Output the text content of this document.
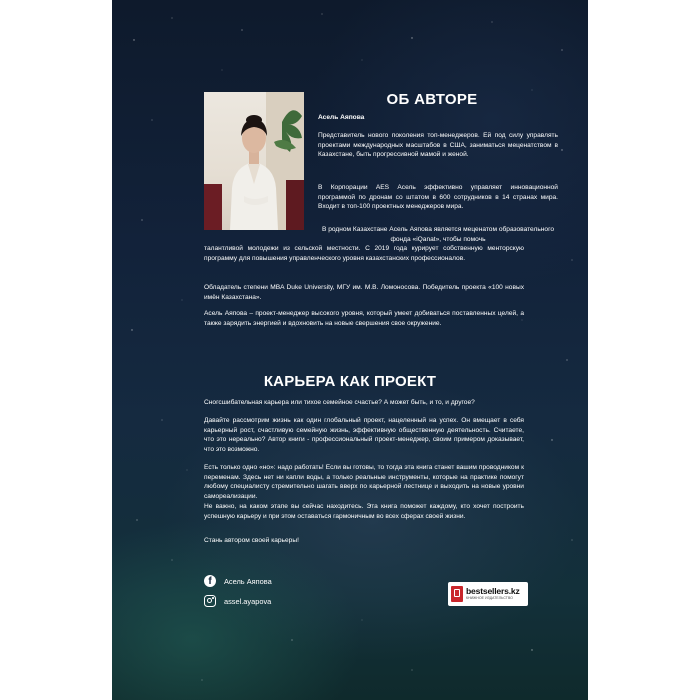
ОБ АВТОРЕ
Асель Аяпова
Представитель нового поколения топ-менеджеров. Ей под силу управлять проектами международных масштабов в США, заниматься меценатством в Казахстане, быть прогрессивной мамой и женой.
В Корпорации AES Асель эффективно управляет инновационной программой по дронам со штатом в 600 сотрудников в 14 странах мира. Входит в топ-100 проектных менеджеров мира.
В родном Казахстане Асель Аяпова является меценатом образовательного фонда «iQanat», чтобы помочь
талантливой молодежи из сельской местности. С 2019 года курирует собственную менторскую программу для повышения управленческого уровня казахстанских профессионалов.
Обладатель степени MBA Duke University, МГУ им. М.В. Ломоносова. Победитель проекта «100 новых имён Казахстана».
Асель Аяпова – проект-менеджер высокого уровня, который умеет добиваться поставленных целей, а также зарядить энергией и вдохновить на новые свершения свое окружение.
КАРЬЕРА КАК ПРОЕКТ
Сногсшибательная карьера или тихое семейное счастье? А может быть, и то, и другое?
Давайте рассмотрим жизнь как один глобальный проект, нацеленный на успех. Он вмещает в себя карьерный рост, счастливую семейную жизнь, эффективную общественную деятельность. Считаете, что это нереально? Автор книги - профессиональный проект-менеджер, своим примером доказывает, что это возможно.
Есть только одно «но»: надо работать! Если вы готовы, то тогда эта книга станет вашим проводником к переменам. Здесь нет ни капли воды, а только реальные инструменты, которые на практике помогут любому специалисту стремительно шагать вверх по карьерной лестнице и выходить на новые уровни самореализации.
Не важно, на каком этапе вы сейчас находитесь. Эта книга поможет каждому, кто хочет построить успешную карьеру и при этом оставаться гармоничным во всех сферах своей жизни.
Стань автором своей карьеры!
f	Асель Аяпова
assel.ayapova
bestsellers.kz
КНИЖНОЕ ИЗДАТЕЛЬСТВО
